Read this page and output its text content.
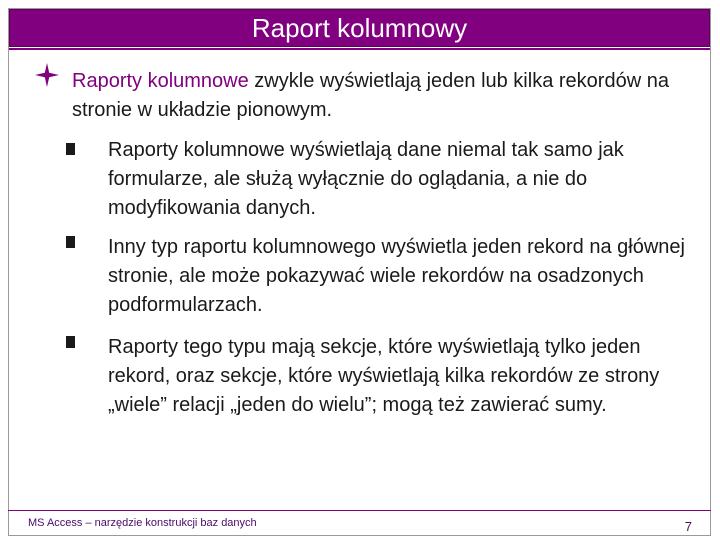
Raport kolumnowy
Raporty kolumnowe zwykle wyświetlają jeden lub kilka rekordów na stronie w układzie pionowym.
Raporty kolumnowe wyświetlają dane niemal tak samo jak formularze, ale służą wyłącznie do oglądania, a nie do modyfikowania danych.
Inny typ raportu kolumnowego wyświetla jeden rekord na głównej stronie, ale może pokazywać wiele rekordów na osadzonych podformularzach.
Raporty tego typu mają sekcje, które wyświetlają tylko jeden rekord, oraz sekcje, które wyświetlają kilka rekordów ze strony „wiele” relacji „jeden do wielu”; mogą też zawierać sumy.
MS Access – narzędzie konstrukcji baz danych	7
